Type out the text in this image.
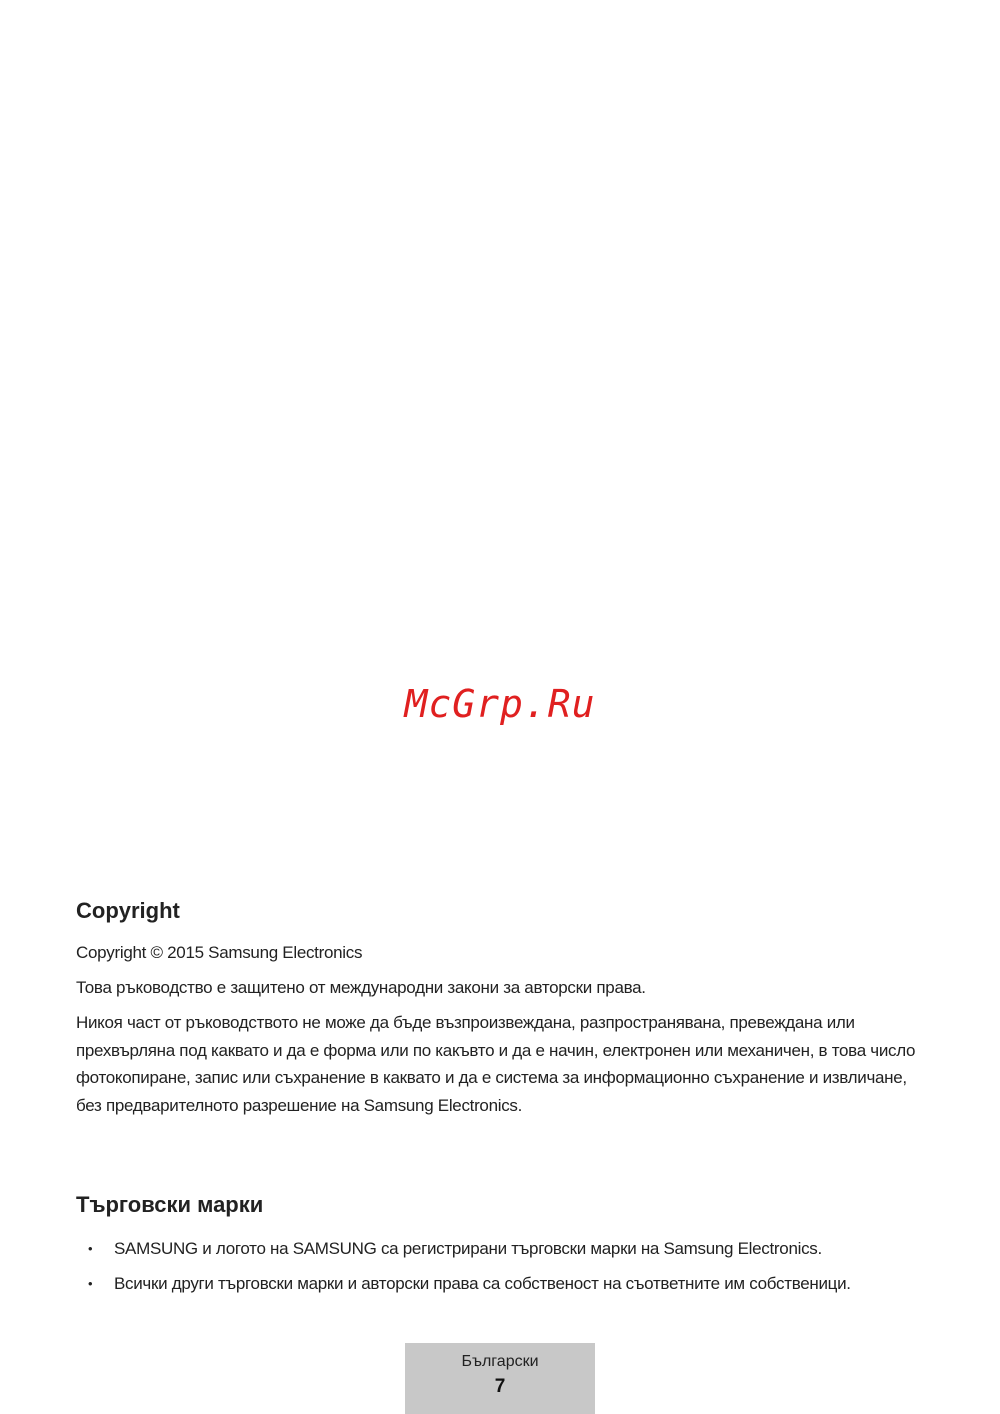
McGrp.Ru
Copyright

Copyright © 2015 Samsung Electronics

Това ръководство е защитено от международни закони за авторски права.

Никоя част от ръководството не може да бъде възпроизвеждана, разпространявана, превеждана или прехвърляна под каквато и да е форма или по какъвто и да е начин, електронен или механичен, в това число фотокопиране, запис или съхранение в каквато и да е система за информационно съхранение и извличане, без предварителното разрешение на Samsung Electronics.

Търговски марки
• SAMSUNG и логото на SAMSUNG са регистрирани търговски марки на Samsung Electronics.
• Всички други търговски марки и авторски права са собственост на съответните им собственици.
Български
7
